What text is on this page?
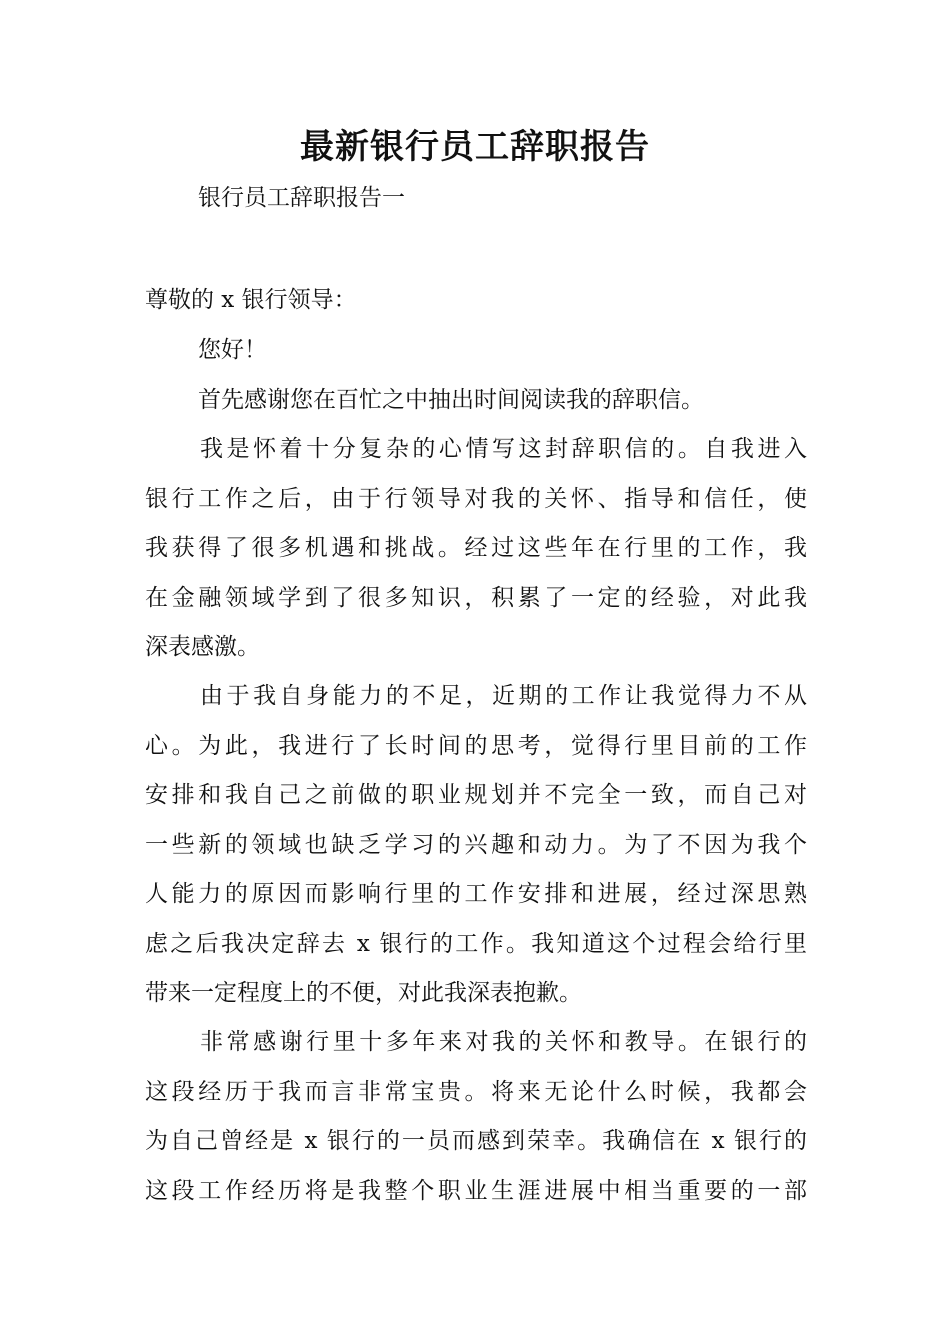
最新银行员工辞职报告
银行员工辞职报告一
尊敬的 x 银行领导：
您好！
首先感谢您在百忙之中抽出时间阅读我的辞职信。
我是怀着十分复杂的心情写这封辞职信的。自我进入
银行工作之后，由于行领导对我的关怀、指导和信任，使
我获得了很多机遇和挑战。经过这些年在行里的工作，我
在金融领域学到了很多知识，积累了一定的经验，对此我
深表感激。
由于我自身能力的不足，近期的工作让我觉得力不从
心。为此，我进行了长时间的思考，觉得行里目前的工作
安排和我自己之前做的职业规划并不完全一致，而自己对
一些新的领域也缺乏学习的兴趣和动力。为了不因为我个
人能力的原因而影响行里的工作安排和进展，经过深思熟
虑之后我决定辞去 x 银行的工作。我知道这个过程会给行里
带来一定程度上的不便，对此我深表抱歉。
非常感谢行里十多年来对我的关怀和教导。在银行的
这段经历于我而言非常宝贵。将来无论什么时候，我都会
为自己曾经是 x 银行的一员而感到荣幸。我确信在 x 银行的
这段工作经历将是我整个职业生涯进展中相当重要的一部
